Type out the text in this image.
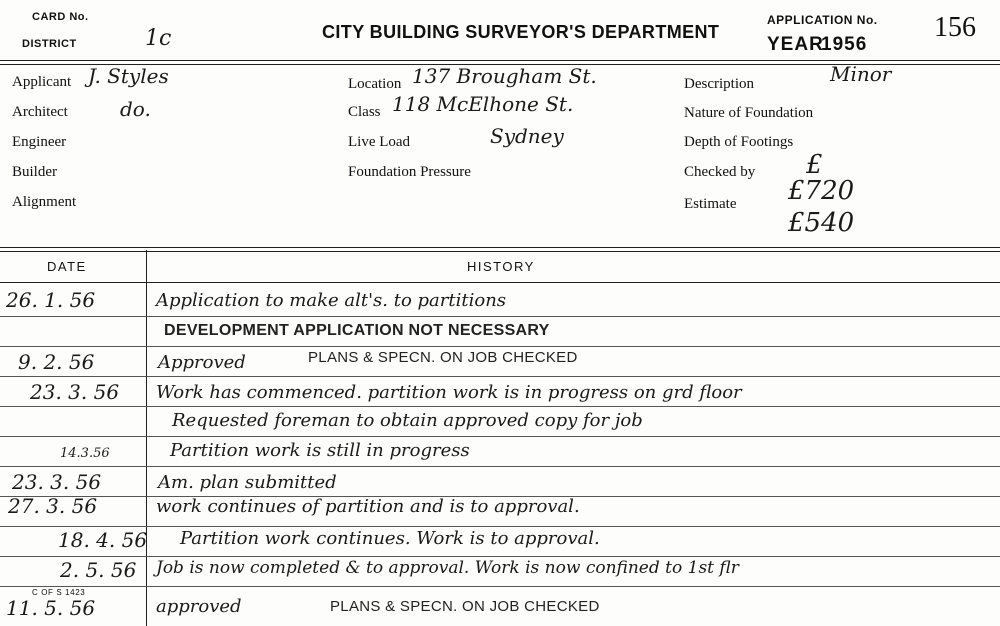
CARD No.
DISTRICT	1c	CITY BUILDING SURVEYOR'S DEPARTMENT
APPLICATION No.
YEAR
1956
156
Applicant J. Styles
Architect	do.
Engineer
Builder
Alignment
Location 137 Brougham St.
Class 118 McElhone St.
Live Load	Sydney
Foundation Pressure
Description	Minor
Nature of Foundation
Depth of Footings
Checked by £
Estimate £720
£540
DATE	HISTORY
26. 1. 56	Application to make alt's. to partitions
DEVELOPMENT APPLICATION NOT NECESSARY
9. 2. 56	Approved	PLANS & SPECN. ON JOB CHECKED
23. 3. 56 Work has commenced. partition work is in progress on grd floor
Requested foreman to obtain approved copy for job
14.3.56	Partition work is still in progress
23. 3. 56	Am. plan submitted
27. 3. 56	work continues of partition and is to approval.
18. 4. 56 Partition work continues. Work is to approval.
2. 5. 56 Job is now completed & to approval. Work is now confined to 1st flr
C OF S 1423
11. 5. 56	approved	PLANS & SPECN. ON JOB CHECKED
